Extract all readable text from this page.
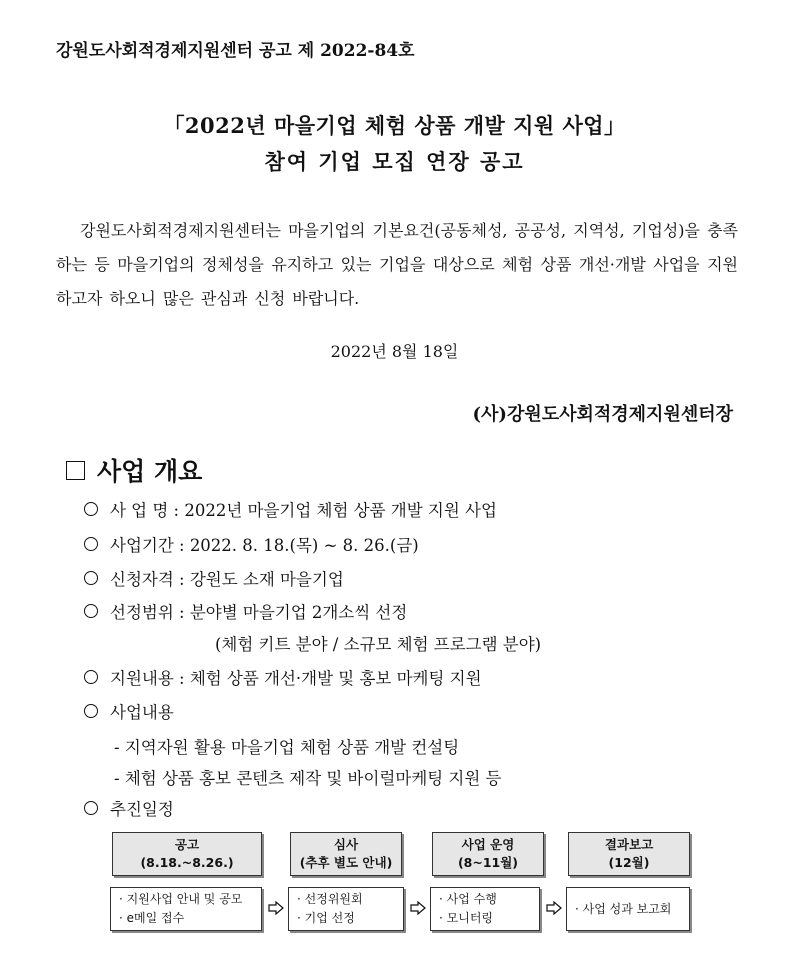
강원도사회적경제지원센터 공고 제 2022-84호
「2022년 마을기업 체험 상품 개발 지원 사업」
참여 기업 모집 연장 공고
강원도사회적경제지원센터는 마을기업의 기본요건(공동체성, 공공성, 지역성, 기업성)을 충족하는 등 마을기업의 정체성을 유지하고 있는 기업을 대상으로 체험 상품 개선·개발 사업을 지원하고자 하오니 많은 관심과 신청 바랍니다.
2022년 8월 18일
(사)강원도사회적경제지원센터장
사업 개요
사 업 명 :
2022년 마을기업 체험 상품 개발 지원 사업
사업기간 :
2022. 8. 18.(목) ~ 8. 26.(금)
신청자격 :
강원도 소재 마을기업
선정범위 :
분야별 마을기업 2개소씩 선정
(체험 키트 분야 / 소규모 체험 프로그램 분야)
지원내용 :
체험 상품 개선·개발 및 홍보 마케팅 지원
사업내용
- 지역자원 활용 마을기업 체험 상품 개발 컨설팅
- 체험 상품 홍보 콘텐츠 제작 및 바이럴마케팅 지원 등
추진일정
공고
(8.18.~8.26.)
심사
(추후 별도 안내)
사업 운영
(8~11월)
결과보고
(12월)
· 지원사업 안내 및 공모
· e메일 접수
· 선정위원회
· 기업 선정
· 사업 수행
· 모니터링
· 사업 성과 보고회
